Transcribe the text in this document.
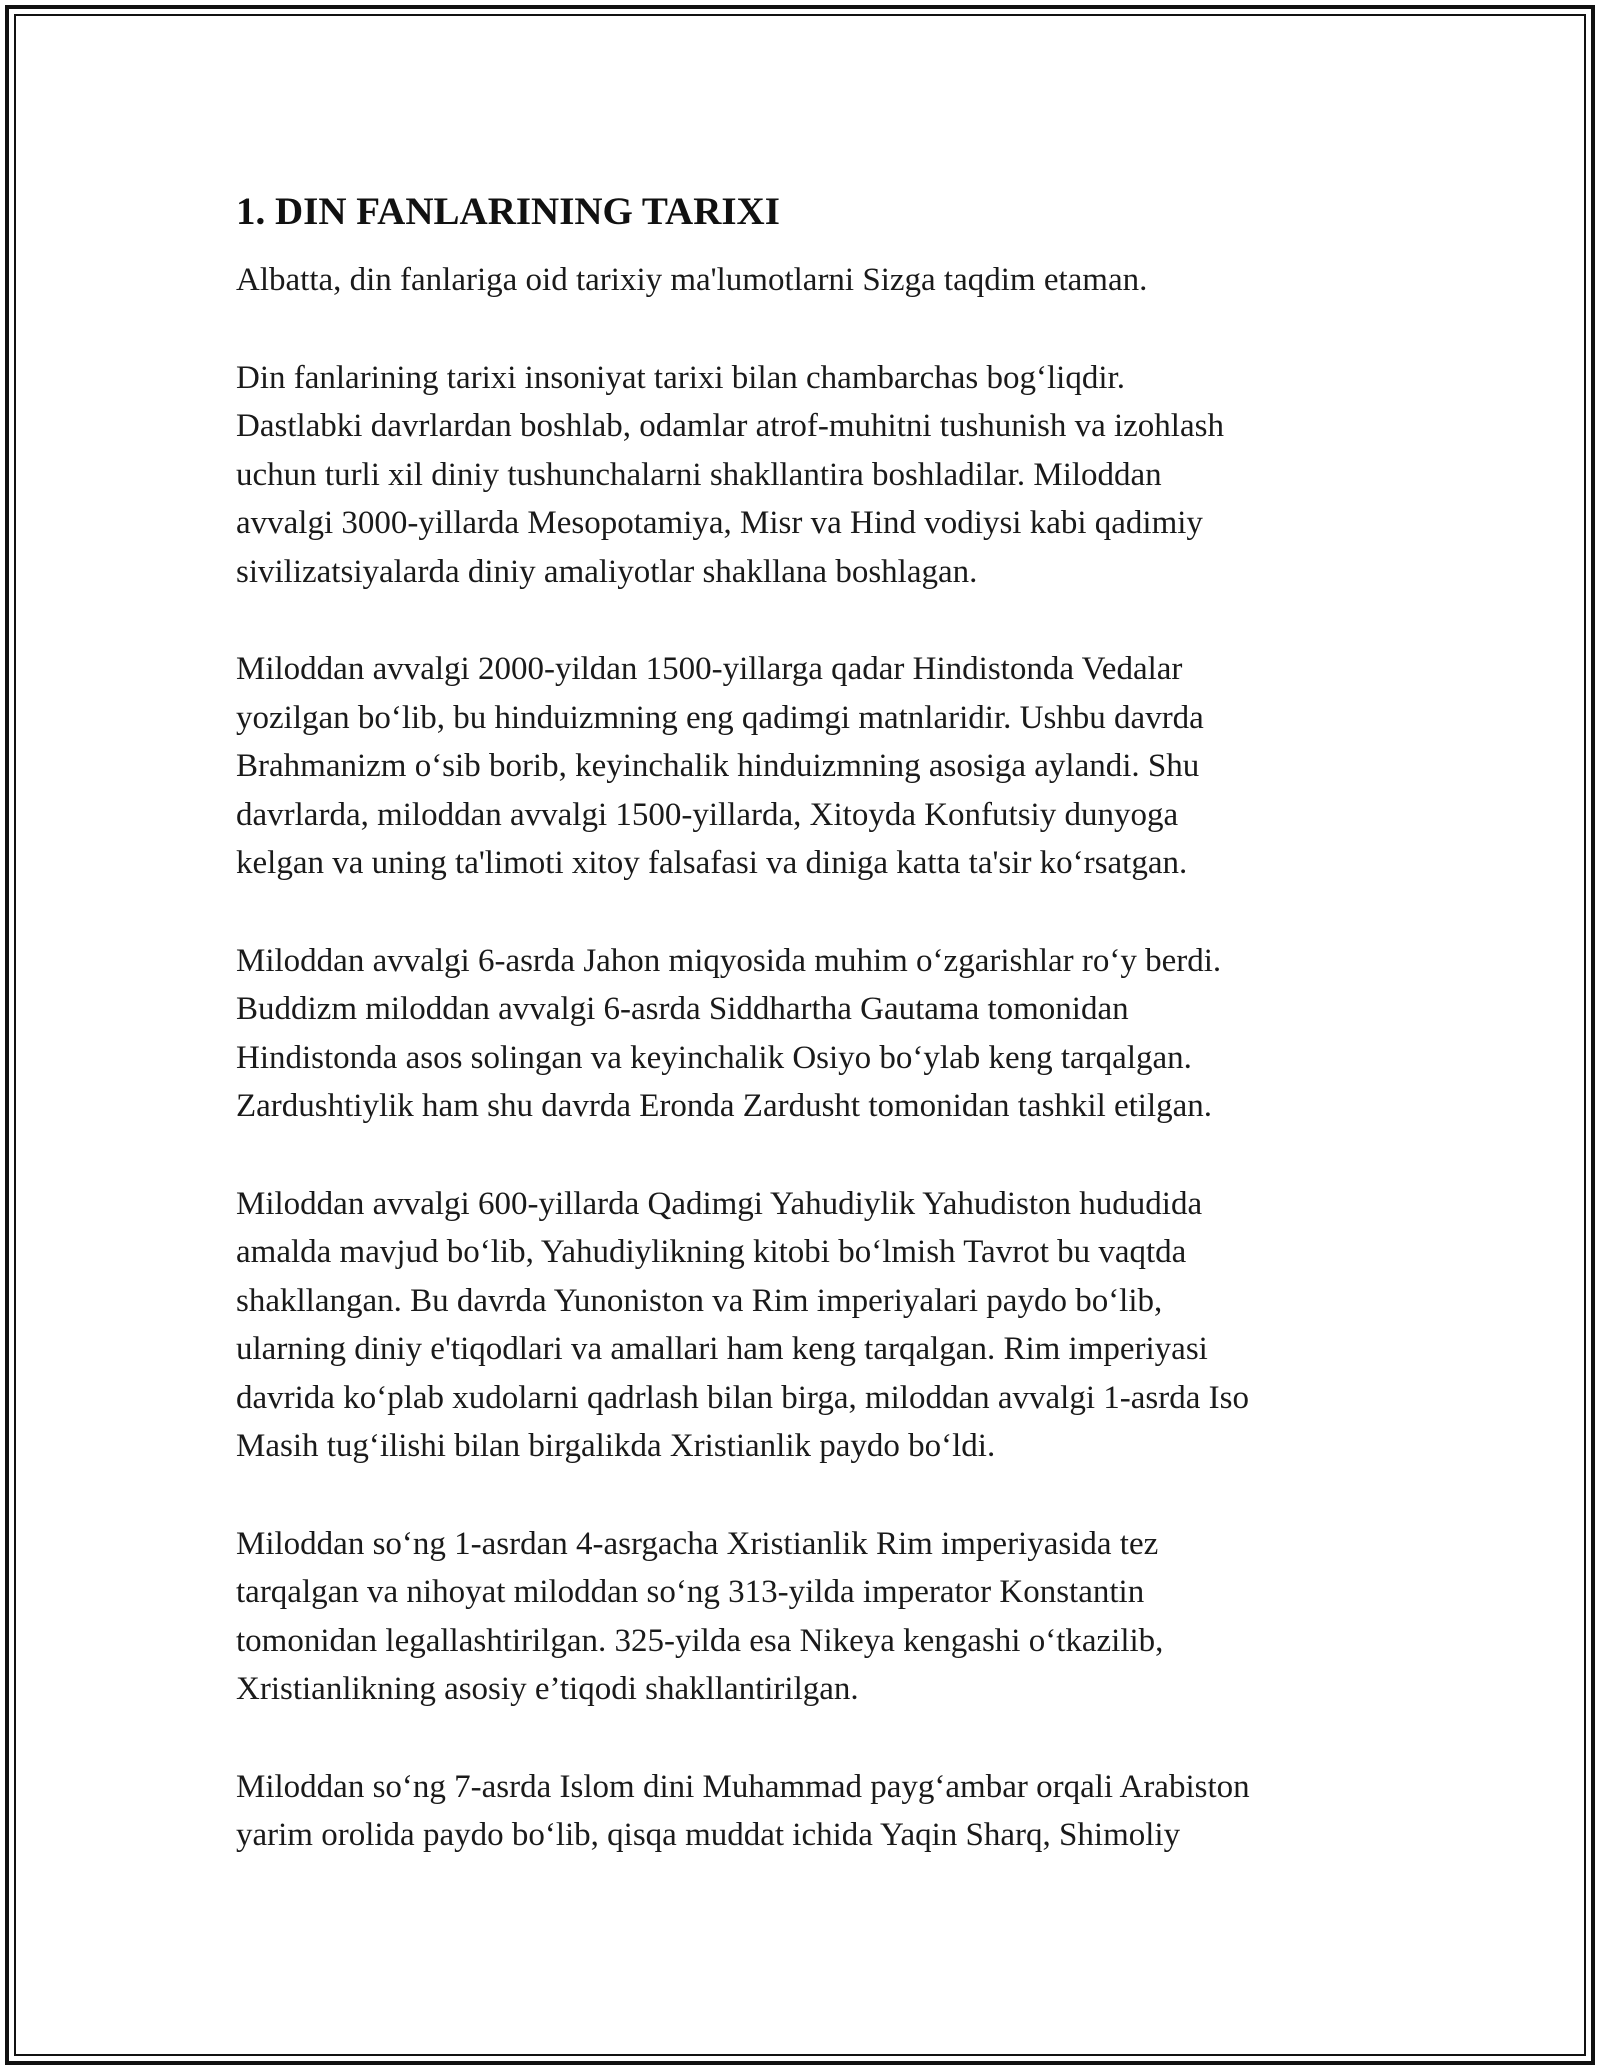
1. DIN FANLARINING TARIXI

Albatta, din fanlariga oid tarixiy ma'lumotlarni Sizga taqdim etaman.

Din fanlarining tarixi insoniyat tarixi bilan chambarchas bog‘liqdir.
Dastlabki davrlardan boshlab, odamlar atrof-muhitni tushunish va izohlash
uchun turli xil diniy tushunchalarni shakllantira boshladilar. Miloddan
avvalgi 3000-yillarda Mesopotamiya, Misr va Hind vodiysi kabi qadimiy
sivilizatsiyalarda diniy amaliyotlar shakllana boshlagan.

Miloddan avvalgi 2000-yildan 1500-yillarga qadar Hindistonda Vedalar
yozilgan bo‘lib, bu hinduizmning eng qadimgi matnlaridir. Ushbu davrda
Brahmanizm o‘sib borib, keyinchalik hinduizmning asosiga aylandi. Shu
davrlarda, miloddan avvalgi 1500-yillarda, Xitoyda Konfutsiy dunyoga
kelgan va uning ta'limoti xitoy falsafasi va diniga katta ta'sir ko‘rsatgan.

Miloddan avvalgi 6-asrda Jahon miqyosida muhim o‘zgarishlar ro‘y berdi.
Buddizm miloddan avvalgi 6-asrda Siddhartha Gautama tomonidan
Hindistonda asos solingan va keyinchalik Osiyo bo‘ylab keng tarqalgan.
Zardushtiylik ham shu davrda Eronda Zardusht tomonidan tashkil etilgan.

Miloddan avvalgi 600-yillarda Qadimgi Yahudiylik Yahudiston hududida
amalda mavjud bo‘lib, Yahudiylikning kitobi bo‘lmish Tavrot bu vaqtda
shakllangan. Bu davrda Yunoniston va Rim imperiyalari paydo bo‘lib,
ularning diniy e'tiqodlari va amallari ham keng tarqalgan. Rim imperiyasi
davrida ko‘plab xudolarni qadrlash bilan birga, miloddan avvalgi 1-asrda Iso
Masih tug‘ilishi bilan birgalikda Xristianlik paydo bo‘ldi.

Miloddan so‘ng 1-asrdan 4-asrgacha Xristianlik Rim imperiyasida tez
tarqalgan va nihoyat miloddan so‘ng 313-yilda imperator Konstantin
tomonidan legallashtirilgan. 325-yilda esa Nikeya kengashi o‘tkazilib,
Xristianlikning asosiy e’tiqodi shakllantirilgan.

Miloddan so‘ng 7-asrda Islom dini Muhammad payg‘ambar orqali Arabiston
yarim orolida paydo bo‘lib, qisqa muddat ichida Yaqin Sharq, Shimoliy
